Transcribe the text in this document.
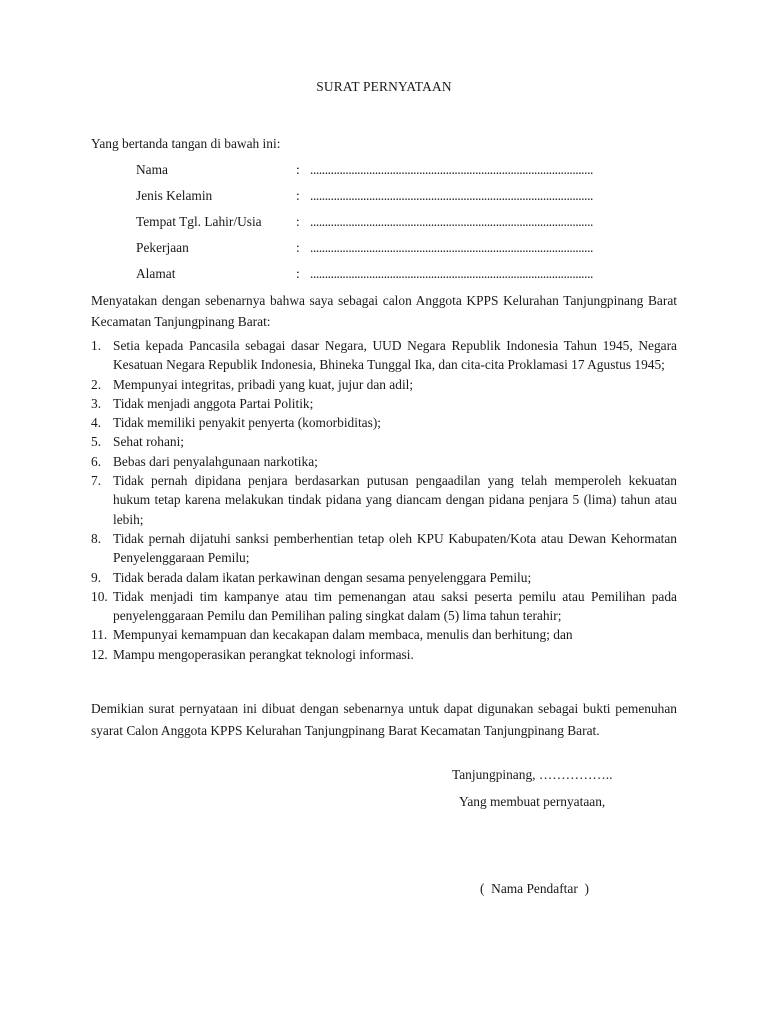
SURAT PERNYATAAN
Yang bertanda tangan di bawah ini:
Nama	: ................................................................................................
Jenis Kelamin	: ................................................................................................
Tempat Tgl. Lahir/Usia	: ................................................................................................
Pekerjaan	: ................................................................................................
Alamat	: ................................................................................................
Menyatakan dengan sebenarnya bahwa saya sebagai calon Anggota KPPS Kelurahan Tanjungpinang Barat Kecamatan Tanjungpinang Barat:
1. Setia kepada Pancasila sebagai dasar Negara, UUD Negara Republik Indonesia Tahun 1945, Negara Kesatuan Negara Republik Indonesia, Bhineka Tunggal Ika, dan cita-cita Proklamasi 17 Agustus 1945;
2. Mempunyai integritas, pribadi yang kuat, jujur dan adil;
3. Tidak menjadi anggota Partai Politik;
4. Tidak memiliki penyakit penyerta (komorbiditas);
5. Sehat rohani;
6. Bebas dari penyalahgunaan narkotika;
7. Tidak pernah dipidana penjara berdasarkan putusan pengaadilan yang telah memperoleh kekuatan hukum tetap karena melakukan tindak pidana yang diancam dengan pidana penjara 5 (lima) tahun atau lebih;
8. Tidak pernah dijatuhi sanksi pemberhentian tetap oleh KPU Kabupaten/Kota atau Dewan Kehormatan Penyelenggaraan Pemilu;
9. Tidak berada dalam ikatan perkawinan dengan sesama penyelenggara Pemilu;
10. Tidak menjadi tim kampanye atau tim pemenangan atau saksi peserta pemilu atau Pemilihan pada penyelenggaraan Pemilu dan Pemilihan paling singkat dalam (5) lima tahun terahir;
11. Mempunyai kemampuan dan kecakapan dalam membaca, menulis dan berhitung; dan
12. Mampu mengoperasikan perangkat teknologi informasi.
Demikian surat pernyataan ini dibuat dengan sebenarnya untuk dapat digunakan sebagai bukti pemenuhan syarat Calon Anggota KPPS Kelurahan Tanjungpinang Barat Kecamatan Tanjungpinang Barat.
Tanjungpinang, ……………..
Yang membuat pernyataan,
(  Nama Pendaftar  )
